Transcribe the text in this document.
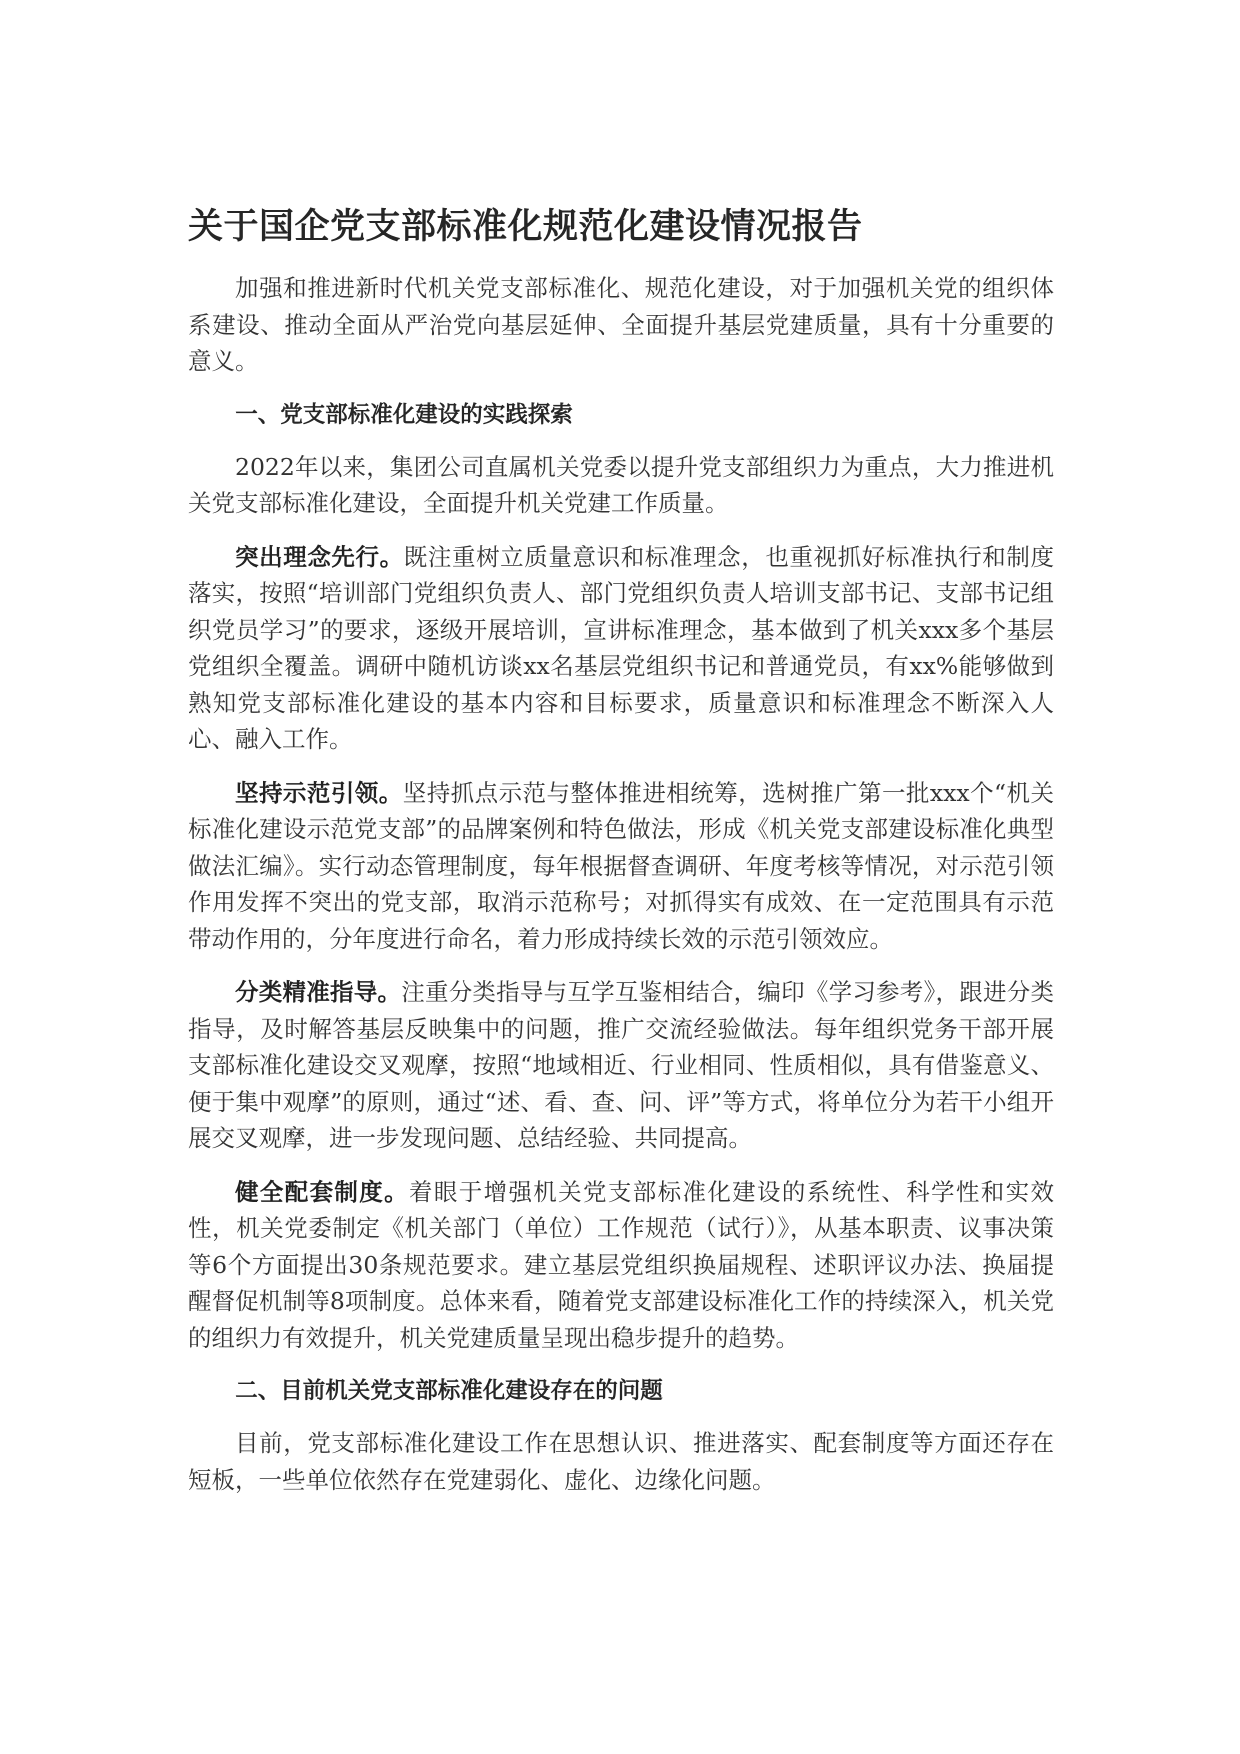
关于国企党支部标准化规范化建设情况报告

加强和推进新时代机关党支部标准化、规范化建设，对于加强机关党的组织体系建设、推动全面从严治党向基层延伸、全面提升基层党建质量，具有十分重要的意义。

一、党支部标准化建设的实践探索

2022年以来，集团公司直属机关党委以提升党支部组织力为重点，大力推进机关党支部标准化建设，全面提升机关党建工作质量。

突出理念先行。既注重树立质量意识和标准理念，也重视抓好标准执行和制度落实，按照“培训部门党组织负责人、部门党组织负责人培训支部书记、支部书记组织党员学习”的要求，逐级开展培训，宣讲标准理念，基本做到了机关xxx多个基层党组织全覆盖。调研中随机访谈xx名基层党组织书记和普通党员，有xx%能够做到熟知党支部标准化建设的基本内容和目标要求，质量意识和标准理念不断深入人心、融入工作。

坚持示范引领。坚持抓点示范与整体推进相统筹，选树推广第一批xxx个“机关标准化建设示范党支部”的品牌案例和特色做法，形成《机关党支部建设标准化典型做法汇编》。实行动态管理制度，每年根据督查调研、年度考核等情况，对示范引领作用发挥不突出的党支部，取消示范称号；对抓得实有成效、在一定范围具有示范带动作用的，分年度进行命名，着力形成持续长效的示范引领效应。

分类精准指导。注重分类指导与互学互鉴相结合，编印《学习参考》，跟进分类指导，及时解答基层反映集中的问题，推广交流经验做法。每年组织党务干部开展支部标准化建设交叉观摩，按照“地域相近、行业相同、性质相似，具有借鉴意义、便于集中观摩”的原则，通过“述、看、查、问、评”等方式，将单位分为若干小组开展交叉观摩，进一步发现问题、总结经验、共同提高。

健全配套制度。着眼于增强机关党支部标准化建设的系统性、科学性和实效性，机关党委制定《机关部门（单位）工作规范（试行）》，从基本职责、议事决策等6个方面提出30条规范要求。建立基层党组织换届规程、述职评议办法、换届提醒督促机制等8项制度。总体来看，随着党支部建设标准化工作的持续深入，机关党的组织力有效提升，机关党建质量呈现出稳步提升的趋势。

二、目前机关党支部标准化建设存在的问题

目前，党支部标准化建设工作在思想认识、推进落实、配套制度等方面还存在短板，一些单位依然存在党建弱化、虚化、边缘化问题。
